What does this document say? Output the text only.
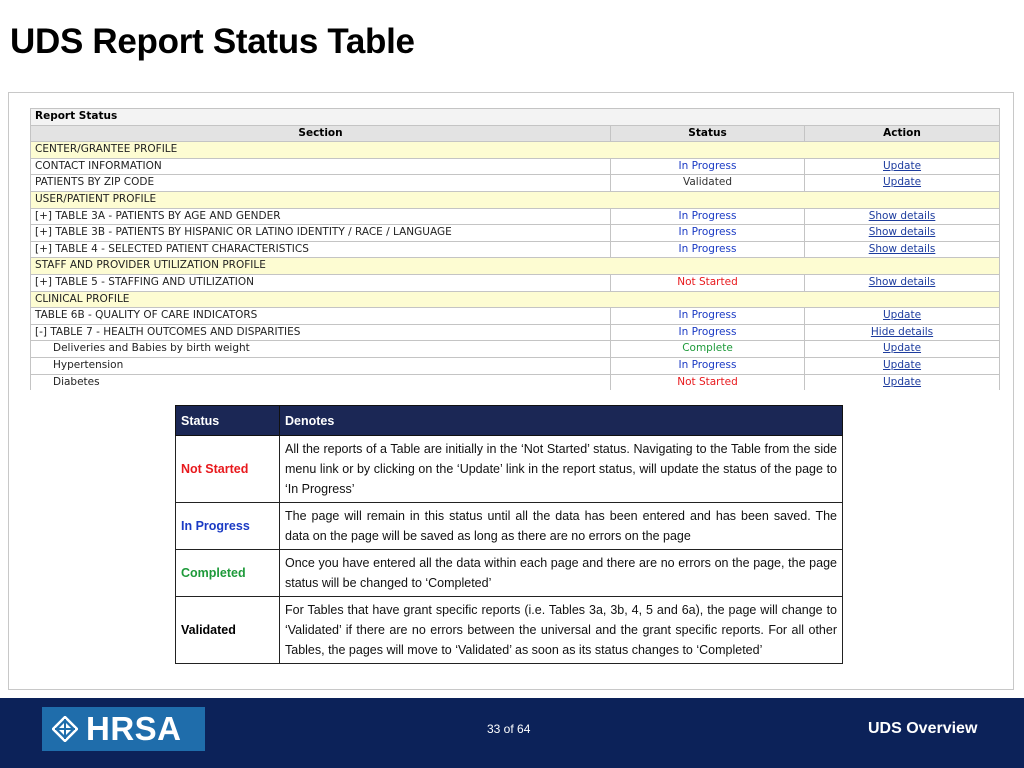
UDS Report Status Table
Report Status		
Section	Status	Action
CENTER/GRANTEE PROFILE		
CONTACT INFORMATION	In Progress	Update
PATIENTS BY ZIP CODE	Validated	Update
USER/PATIENT PROFILE		
[+] TABLE 3A - PATIENTS BY AGE AND GENDER	In Progress	Show details
[+] TABLE 3B - PATIENTS BY HISPANIC OR LATINO IDENTITY / RACE / LANGUAGE	In Progress	Show details
[+] TABLE 4 - SELECTED PATIENT CHARACTERISTICS	In Progress	Show details
STAFF AND PROVIDER UTILIZATION PROFILE		
[+] TABLE 5 - STAFFING AND UTILIZATION	Not Started	Show details
CLINICAL PROFILE		
TABLE 6B - QUALITY OF CARE INDICATORS	In Progress	Update
[-] TABLE 7 - HEALTH OUTCOMES AND DISPARITIES	In Progress	Hide details
Deliveries and Babies by birth weight	Complete	Update
Hypertension	In Progress	Update
Diabetes	Not Started	Update
Status	Denotes
Not Started	All the reports of a Table are initially in the ‘Not Started’ status. Navigating to the Table from the side menu link or by clicking on the ‘Update’ link in the report status, will update the status of the page to ‘In Progress’
In Progress	The page will remain in this status until all the data has been entered and has been saved. The data on the page will be saved as long as there are no errors on the page
Completed	Once you have entered all the data within each page and there are no errors on the page, the page status will be changed to ‘Completed’
Validated	For Tables that have grant specific reports (i.e. Tables 3a, 3b, 4, 5 and 6a), the page will change to ‘Validated’ if there are no errors between the universal and the grant specific reports. For all other Tables, the pages will move to ‘Validated’ as soon as its status changes to ‘Completed’
HRSA	33 of 64	UDS Overview
